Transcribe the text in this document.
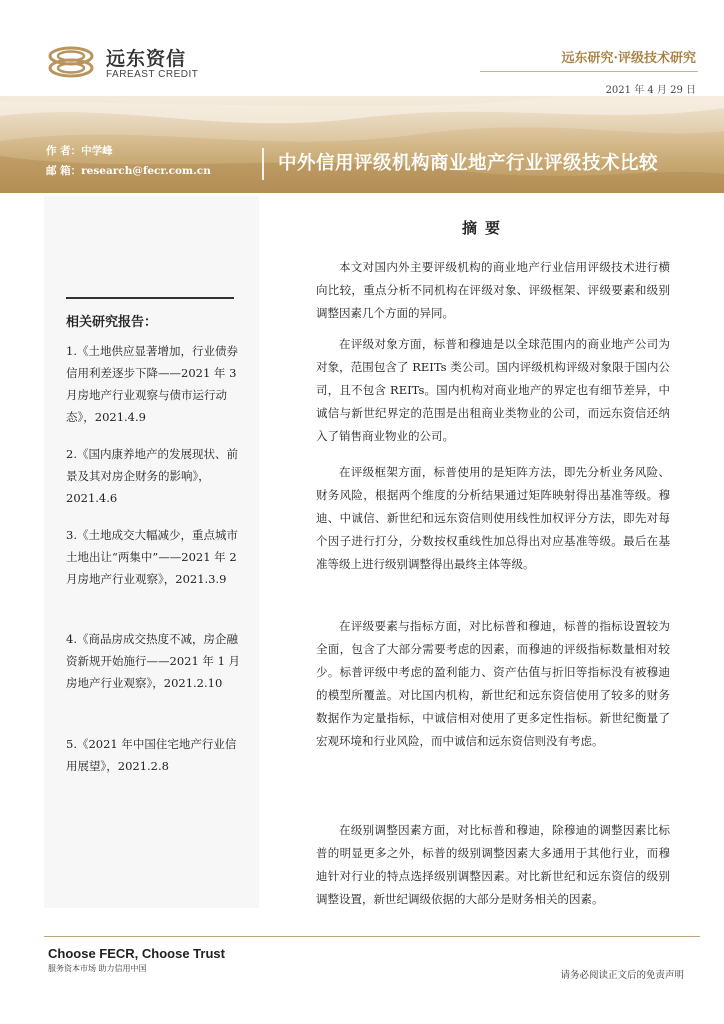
远东资信
FAREAST CREDIT
远东研究·评级技术研究
2021 年 4 月 29 日
作 者：中学峰
邮 箱：research@fecr.com.cn	中外信用评级机构商业地产行业评级技术比较
相关研究报告：
1.《土地供应显著增加，行业债券信用利差逐步下降——2021 年 3 月房地产行业观察与债市运行动态》，2021.4.9
2.《国内康养地产的发展现状、前景及其对房企财务的影响》，2021.4.6
3.《土地成交大幅减少，重点城市土地出让“两集中”——2021 年 2 月房地产行业观察》，2021.3.9
4.《商品房成交热度不减，房企融资新规开始施行——2021 年 1 月房地产行业观察》，2021.2.10
5.《2021 年中国住宅地产行业信用展望》，2021.2.8
摘要

本文对国内外主要评级机构的商业地产行业信用评级技术进行横向比较，重点分析不同机构在评级对象、评级框架、评级要素和级别调整因素几个方面的异同。

在评级对象方面，标普和穆迪是以全球范围内的商业地产公司为对象，范围包含了 REITs 类公司。国内评级机构评级对象限于国内公司，且不包含 REITs。国内机构对商业地产的界定也有细节差异，中诚信与新世纪界定的范围是出租商业类物业的公司，而远东资信还纳入了销售商业物业的公司。

在评级框架方面，标普使用的是矩阵方法，即先分析业务风险、财务风险，根据两个维度的分析结果通过矩阵映射得出基准等级。穆迪、中诚信、新世纪和远东资信则使用线性加权评分方法，即先对每个因子进行打分，分数按权重线性加总得出对应基准等级。最后在基准等级上进行级别调整得出最终主体等级。

在评级要素与指标方面，对比标普和穆迪，标普的指标设置较为全面，包含了大部分需要考虑的因素，而穆迪的评级指标数量相对较少。标普评级中考虑的盈利能力、资产估值与折旧等指标没有被穆迪的模型所覆盖。对比国内机构，新世纪和远东资信使用了较多的财务数据作为定量指标，中诚信相对使用了更多定性指标。新世纪衡量了宏观环境和行业风险，而中诚信和远东资信则没有考虑。

在级别调整因素方面，对比标普和穆迪，除穆迪的调整因素比标普的明显更多之外，标普的级别调整因素大多通用于其他行业，而穆迪针对行业的特点选择级别调整因素。对比新世纪和远东资信的级别调整设置，新世纪调级依据的大部分是财务相关的因素。

Choose FECR, Choose Trust
服务资本市场 助力信用中国
请务必阅读正文后的免责声明
